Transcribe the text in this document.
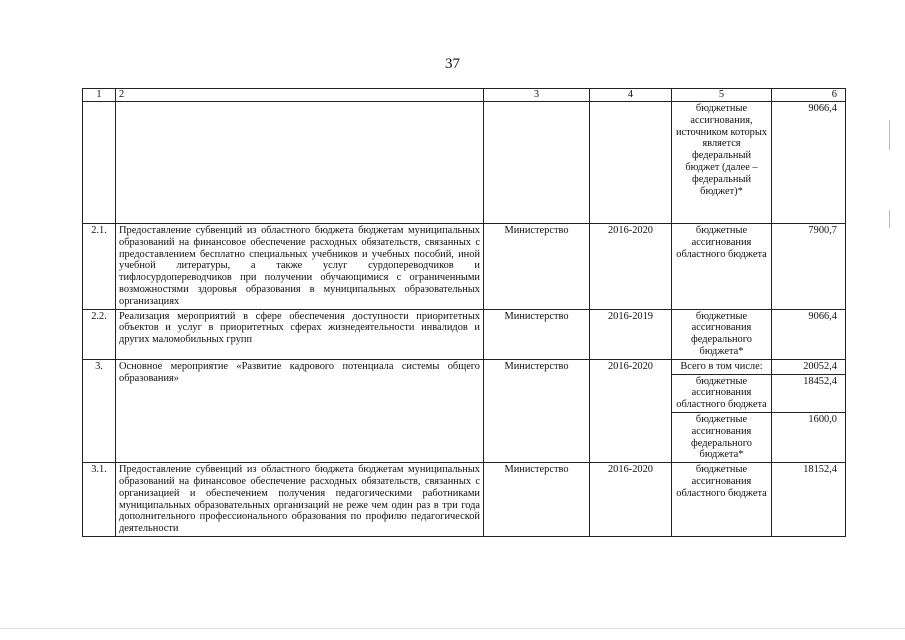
37
1	2	3	4	5	6
				бюджетные ассигнования, источником которых является федеральный бюджет (далее – федеральный бюджет)*	9066,4
2.1.	Предоставление субвенций из областного бюджета бюджетам муниципальных образований на финансовое обеспечение расходных обязательств, связанных с предоставлением бесплатно специальных учебников и учебных пособий, иной учебной литературы, а также услуг сурдопереводчиков и тифлосурдопереводчиков при получении обучающимися с ограниченными возможностями здоровья образования в муниципальных образовательных организациях	Министерство	2016-2020	бюджетные ассигнования областного бюджета	7900,7
2.2.	Реализация мероприятий в сфере обеспечения доступности приоритетных объектов и услуг в приоритетных сферах жизнедеятельности инвалидов и других маломобильных групп	Министерство	2016-2019	бюджетные ассигнования федерального бюджета*	9066,4
3.	Основное мероприятие «Развитие кадрового потенциала системы общего образования»	Министерство	2016-2020	Всего в том числе:	20052,4
				бюджетные ассигнования областного бюджета	18452,4
				бюджетные ассигнования федерального бюджета*	1600,0
3.1.	Предоставление субвенций из областного бюджета бюджетам муниципальных образований на финансовое обеспечение расходных обязательств, связанных с организацией и обеспечением получения педагогическими работниками муниципальных образовательных организаций не реже чем один раз в три года дополнительного профессионального образования по профилю педагогической деятельности	Министерство	2016-2020	бюджетные ассигнования областного бюджета	18152,4
